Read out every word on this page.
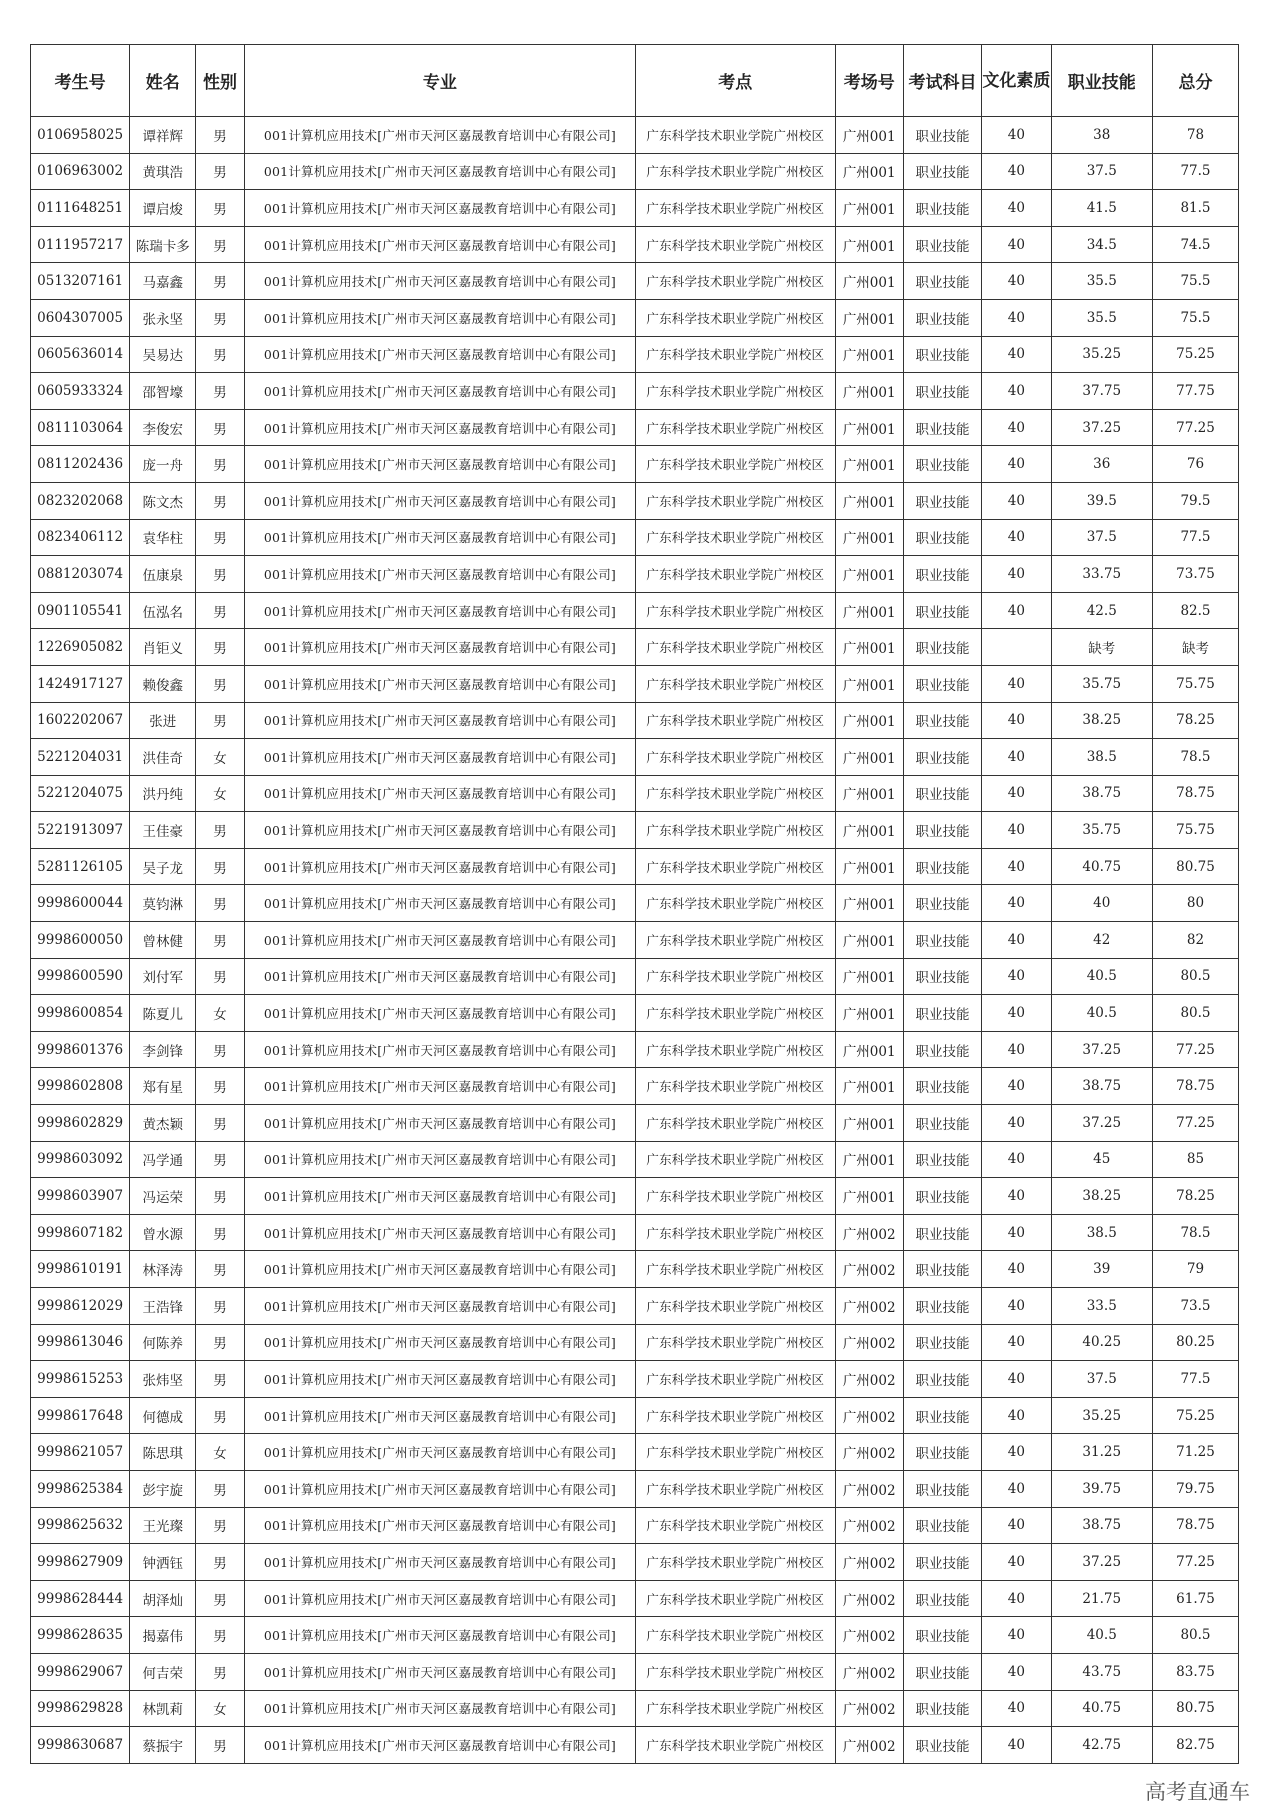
考生号	姓名	性别	专业	考点	考场号	考试科目	文化素质	职业技能	总分
0106958025	谭祥辉	男	001计算机应用技术[广州市天河区嘉晟教育培训中心有限公司]	广东科学技术职业学院广州校区	广州001	职业技能	40	38	78
0106963002	黄琪浩	男	001计算机应用技术[广州市天河区嘉晟教育培训中心有限公司]	广东科学技术职业学院广州校区	广州001	职业技能	40	37.5	77.5
0111648251	谭启焌	男	001计算机应用技术[广州市天河区嘉晟教育培训中心有限公司]	广东科学技术职业学院广州校区	广州001	职业技能	40	41.5	81.5
0111957217	陈瑞卡多	男	001计算机应用技术[广州市天河区嘉晟教育培训中心有限公司]	广东科学技术职业学院广州校区	广州001	职业技能	40	34.5	74.5
0513207161	马嘉鑫	男	001计算机应用技术[广州市天河区嘉晟教育培训中心有限公司]	广东科学技术职业学院广州校区	广州001	职业技能	40	35.5	75.5
0604307005	张永坚	男	001计算机应用技术[广州市天河区嘉晟教育培训中心有限公司]	广东科学技术职业学院广州校区	广州001	职业技能	40	35.5	75.5
0605636014	吴易达	男	001计算机应用技术[广州市天河区嘉晟教育培训中心有限公司]	广东科学技术职业学院广州校区	广州001	职业技能	40	35.25	75.25
0605933324	邵智壕	男	001计算机应用技术[广州市天河区嘉晟教育培训中心有限公司]	广东科学技术职业学院广州校区	广州001	职业技能	40	37.75	77.75
0811103064	李俊宏	男	001计算机应用技术[广州市天河区嘉晟教育培训中心有限公司]	广东科学技术职业学院广州校区	广州001	职业技能	40	37.25	77.25
0811202436	庞一舟	男	001计算机应用技术[广州市天河区嘉晟教育培训中心有限公司]	广东科学技术职业学院广州校区	广州001	职业技能	40	36	76
0823202068	陈文杰	男	001计算机应用技术[广州市天河区嘉晟教育培训中心有限公司]	广东科学技术职业学院广州校区	广州001	职业技能	40	39.5	79.5
0823406112	袁华柱	男	001计算机应用技术[广州市天河区嘉晟教育培训中心有限公司]	广东科学技术职业学院广州校区	广州001	职业技能	40	37.5	77.5
0881203074	伍康泉	男	001计算机应用技术[广州市天河区嘉晟教育培训中心有限公司]	广东科学技术职业学院广州校区	广州001	职业技能	40	33.75	73.75
0901105541	伍泓名	男	001计算机应用技术[广州市天河区嘉晟教育培训中心有限公司]	广东科学技术职业学院广州校区	广州001	职业技能	40	42.5	82.5
1226905082	肖钜义	男	001计算机应用技术[广州市天河区嘉晟教育培训中心有限公司]	广东科学技术职业学院广州校区	广州001	职业技能		缺考	缺考
1424917127	赖俊鑫	男	001计算机应用技术[广州市天河区嘉晟教育培训中心有限公司]	广东科学技术职业学院广州校区	广州001	职业技能	40	35.75	75.75
1602202067	张进	男	001计算机应用技术[广州市天河区嘉晟教育培训中心有限公司]	广东科学技术职业学院广州校区	广州001	职业技能	40	38.25	78.25
5221204031	洪佳奇	女	001计算机应用技术[广州市天河区嘉晟教育培训中心有限公司]	广东科学技术职业学院广州校区	广州001	职业技能	40	38.5	78.5
5221204075	洪丹纯	女	001计算机应用技术[广州市天河区嘉晟教育培训中心有限公司]	广东科学技术职业学院广州校区	广州001	职业技能	40	38.75	78.75
5221913097	王佳豪	男	001计算机应用技术[广州市天河区嘉晟教育培训中心有限公司]	广东科学技术职业学院广州校区	广州001	职业技能	40	35.75	75.75
5281126105	吴子龙	男	001计算机应用技术[广州市天河区嘉晟教育培训中心有限公司]	广东科学技术职业学院广州校区	广州001	职业技能	40	40.75	80.75
9998600044	莫钧淋	男	001计算机应用技术[广州市天河区嘉晟教育培训中心有限公司]	广东科学技术职业学院广州校区	广州001	职业技能	40	40	80
9998600050	曾林健	男	001计算机应用技术[广州市天河区嘉晟教育培训中心有限公司]	广东科学技术职业学院广州校区	广州001	职业技能	40	42	82
9998600590	刘付军	男	001计算机应用技术[广州市天河区嘉晟教育培训中心有限公司]	广东科学技术职业学院广州校区	广州001	职业技能	40	40.5	80.5
9998600854	陈夏儿	女	001计算机应用技术[广州市天河区嘉晟教育培训中心有限公司]	广东科学技术职业学院广州校区	广州001	职业技能	40	40.5	80.5
9998601376	李剑锋	男	001计算机应用技术[广州市天河区嘉晟教育培训中心有限公司]	广东科学技术职业学院广州校区	广州001	职业技能	40	37.25	77.25
9998602808	郑有星	男	001计算机应用技术[广州市天河区嘉晟教育培训中心有限公司]	广东科学技术职业学院广州校区	广州001	职业技能	40	38.75	78.75
9998602829	黄杰颖	男	001计算机应用技术[广州市天河区嘉晟教育培训中心有限公司]	广东科学技术职业学院广州校区	广州001	职业技能	40	37.25	77.25
9998603092	冯学通	男	001计算机应用技术[广州市天河区嘉晟教育培训中心有限公司]	广东科学技术职业学院广州校区	广州001	职业技能	40	45	85
9998603907	冯运荣	男	001计算机应用技术[广州市天河区嘉晟教育培训中心有限公司]	广东科学技术职业学院广州校区	广州001	职业技能	40	38.25	78.25
9998607182	曾水源	男	001计算机应用技术[广州市天河区嘉晟教育培训中心有限公司]	广东科学技术职业学院广州校区	广州002	职业技能	40	38.5	78.5
9998610191	林泽涛	男	001计算机应用技术[广州市天河区嘉晟教育培训中心有限公司]	广东科学技术职业学院广州校区	广州002	职业技能	40	39	79
9998612029	王浩锋	男	001计算机应用技术[广州市天河区嘉晟教育培训中心有限公司]	广东科学技术职业学院广州校区	广州002	职业技能	40	33.5	73.5
9998613046	何陈养	男	001计算机应用技术[广州市天河区嘉晟教育培训中心有限公司]	广东科学技术职业学院广州校区	广州002	职业技能	40	40.25	80.25
9998615253	张炜坚	男	001计算机应用技术[广州市天河区嘉晟教育培训中心有限公司]	广东科学技术职业学院广州校区	广州002	职业技能	40	37.5	77.5
9998617648	何德成	男	001计算机应用技术[广州市天河区嘉晟教育培训中心有限公司]	广东科学技术职业学院广州校区	广州002	职业技能	40	35.25	75.25
9998621057	陈思琪	女	001计算机应用技术[广州市天河区嘉晟教育培训中心有限公司]	广东科学技术职业学院广州校区	广州002	职业技能	40	31.25	71.25
9998625384	彭宇旋	男	001计算机应用技术[广州市天河区嘉晟教育培训中心有限公司]	广东科学技术职业学院广州校区	广州002	职业技能	40	39.75	79.75
9998625632	王光璨	男	001计算机应用技术[广州市天河区嘉晟教育培训中心有限公司]	广东科学技术职业学院广州校区	广州002	职业技能	40	38.75	78.75
9998627909	钟洒钰	男	001计算机应用技术[广州市天河区嘉晟教育培训中心有限公司]	广东科学技术职业学院广州校区	广州002	职业技能	40	37.25	77.25
9998628444	胡泽灿	男	001计算机应用技术[广州市天河区嘉晟教育培训中心有限公司]	广东科学技术职业学院广州校区	广州002	职业技能	40	21.75	61.75
9998628635	揭嘉伟	男	001计算机应用技术[广州市天河区嘉晟教育培训中心有限公司]	广东科学技术职业学院广州校区	广州002	职业技能	40	40.5	80.5
9998629067	何吉荣	男	001计算机应用技术[广州市天河区嘉晟教育培训中心有限公司]	广东科学技术职业学院广州校区	广州002	职业技能	40	43.75	83.75
9998629828	林凯莉	女	001计算机应用技术[广州市天河区嘉晟教育培训中心有限公司]	广东科学技术职业学院广州校区	广州002	职业技能	40	40.75	80.75
9998630687	蔡振宇	男	001计算机应用技术[广州市天河区嘉晟教育培训中心有限公司]	广东科学技术职业学院广州校区	广州002	职业技能	40	42.75	82.75
高考直通车
